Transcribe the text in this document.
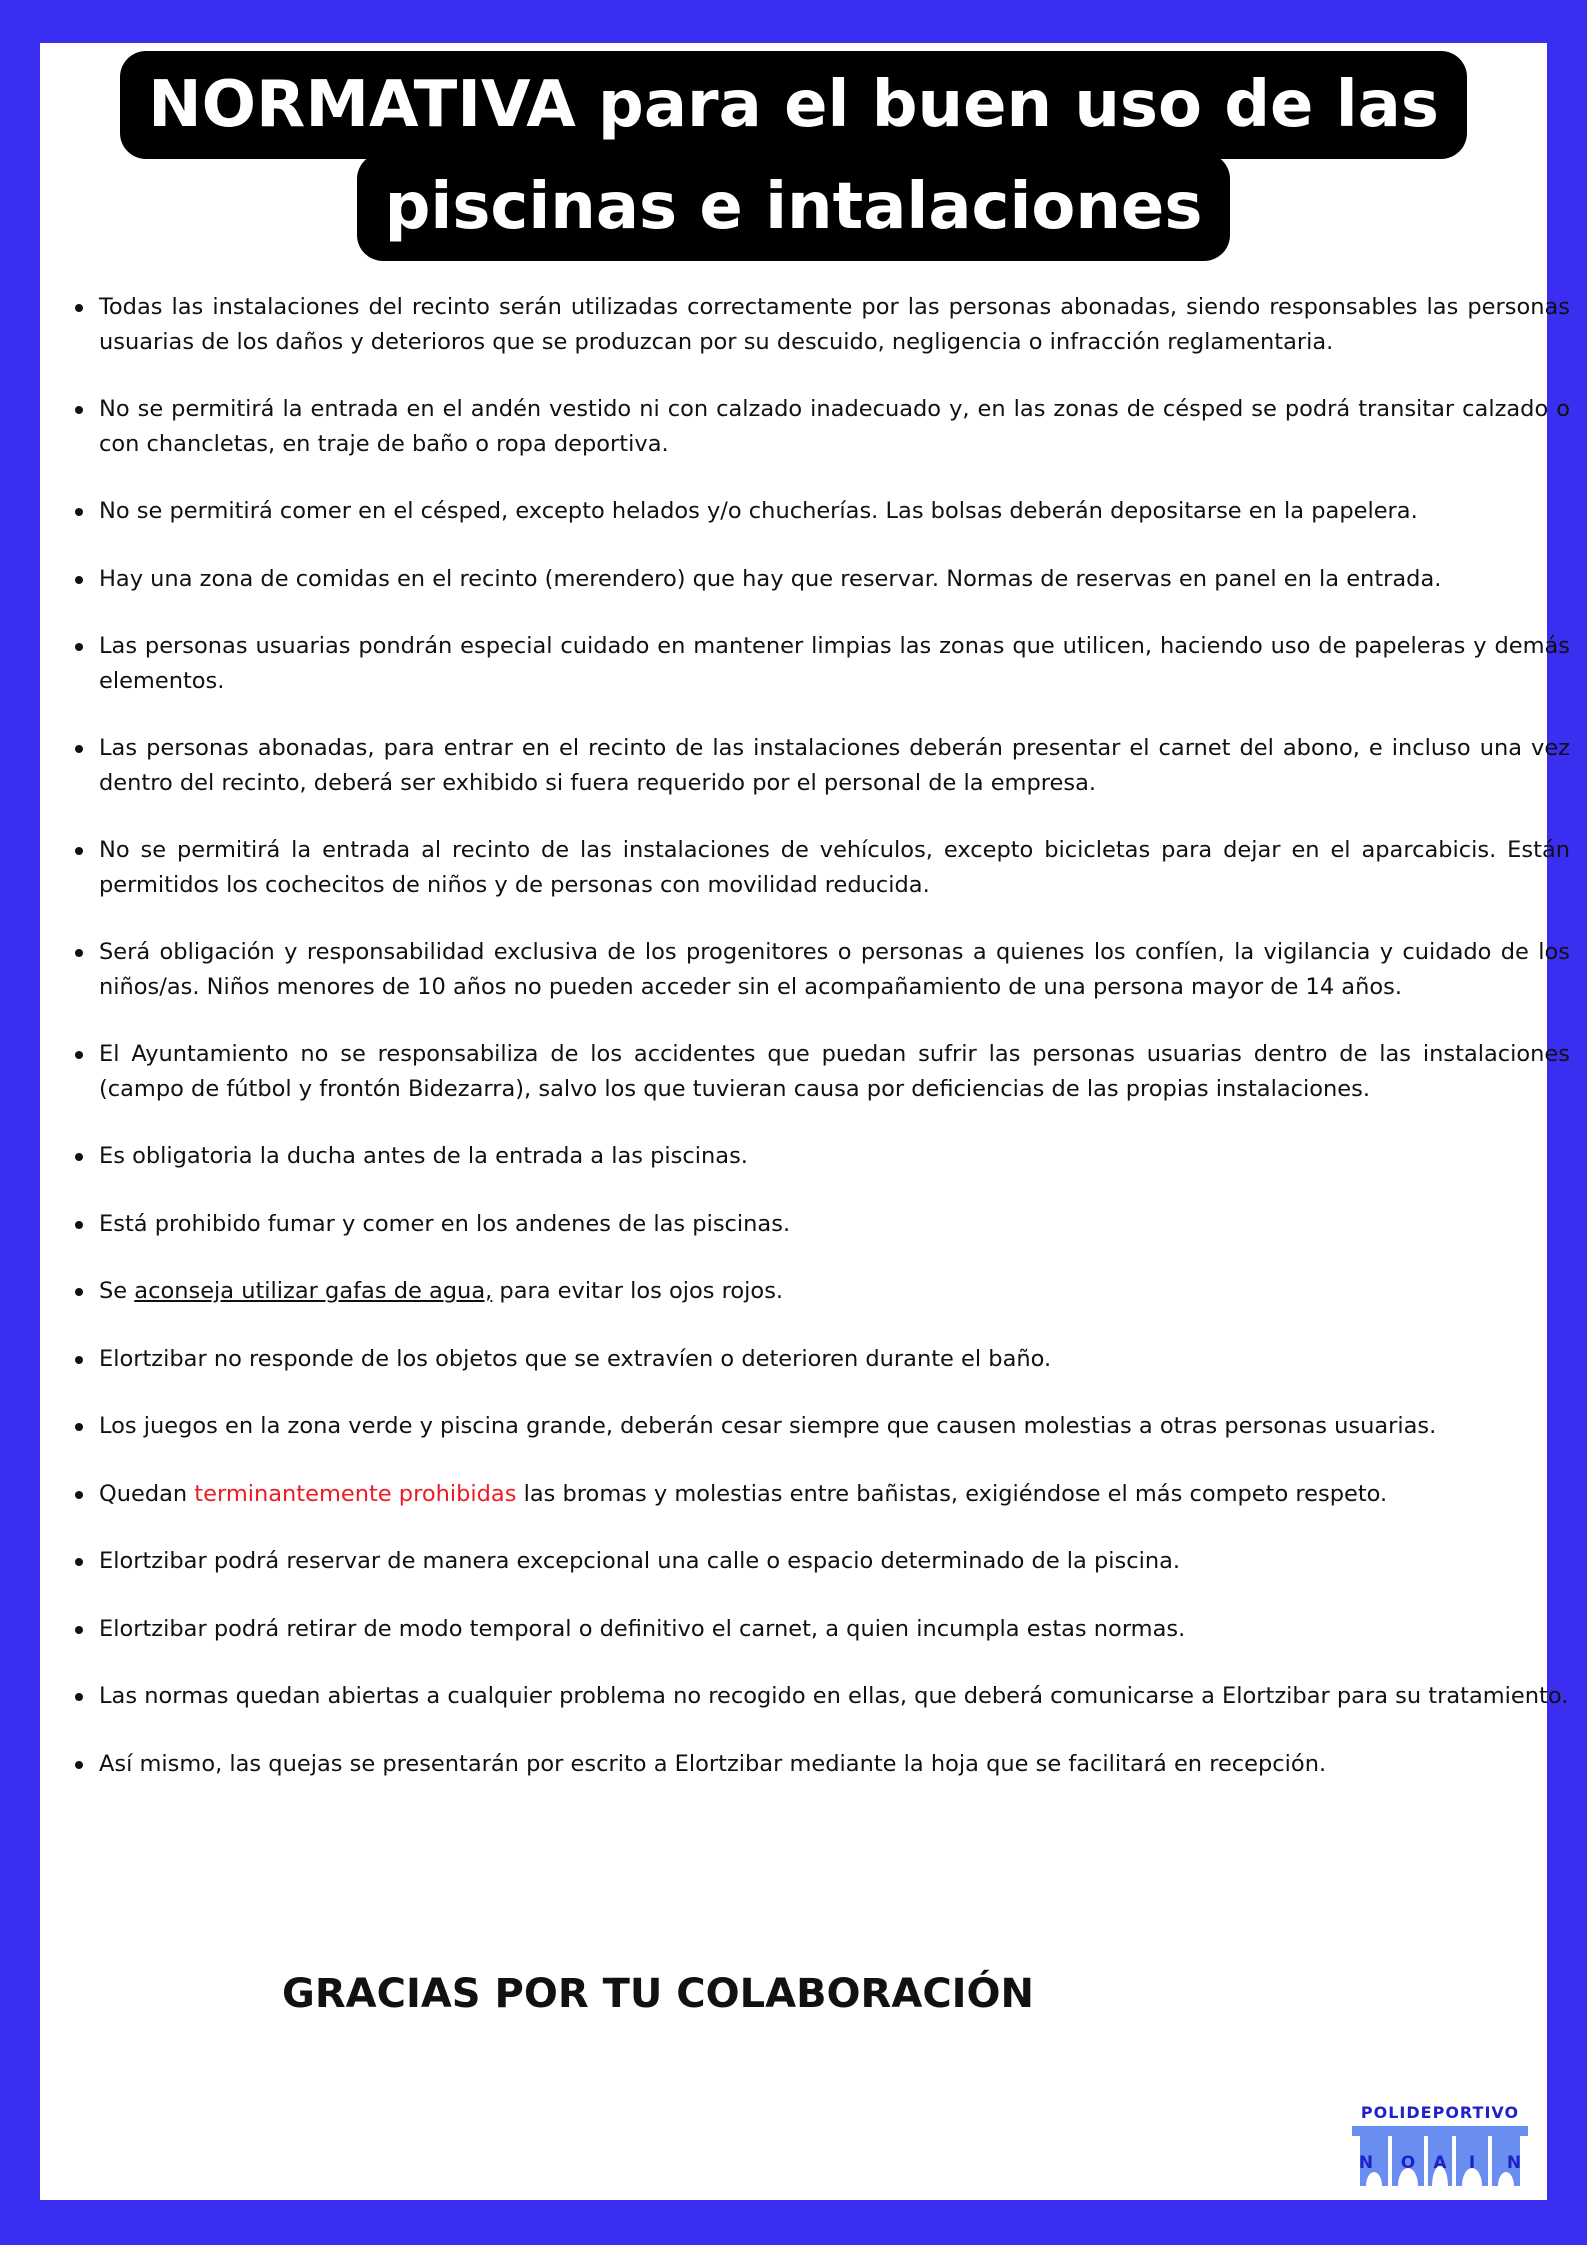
NORMATIVA para el buen uso de las
piscinas e intalaciones
Todas las instalaciones del recinto serán utilizadas correctamente por las personas abonadas, siendo responsables las personas usuarias de los daños y deterioros que se produzcan por su descuido, negligencia o infracción reglamentaria.
No se permitirá la entrada en el andén vestido ni con calzado inadecuado y, en las zonas de césped se podrá transitar calzado o con chancletas, en traje de baño o ropa deportiva.
No se permitirá comer en el césped, excepto helados y/o chucherías. Las bolsas deberán depositarse en la papelera.
Hay una zona de comidas en el recinto (merendero) que hay que reservar. Normas de reservas en panel en la entrada.
Las personas usuarias pondrán especial cuidado en mantener limpias las zonas que utilicen, haciendo uso de papeleras y demás elementos.
Las personas abonadas, para entrar en el recinto de las instalaciones deberán presentar el carnet del abono, e incluso una vez dentro del recinto, deberá ser exhibido si fuera requerido por el personal de la empresa.
No se permitirá la entrada al recinto de las instalaciones de vehículos, excepto bicicletas para dejar en el aparcabicis. Están permitidos los cochecitos de niños y de personas con movilidad reducida.
Será obligación y responsabilidad exclusiva de los progenitores o personas a quienes los confíen, la vigilancia y cuidado de los niños/as. Niños menores de 10 años no pueden acceder sin el acompañamiento de una persona mayor de 14 años.
El Ayuntamiento no se responsabiliza de los accidentes que puedan sufrir las personas usuarias dentro de las instalaciones (campo de fútbol y frontón Bidezarra), salvo los que tuvieran causa por deficiencias de las propias instalaciones.
Es obligatoria la ducha antes de la entrada a las piscinas.
Está prohibido fumar y comer en los andenes de las piscinas.
Se aconseja utilizar gafas de agua, para evitar los ojos rojos.
Elortzibar no responde de los objetos que se extravíen o deterioren durante el baño.
Los juegos en la zona verde y piscina grande, deberán cesar siempre que causen molestias a otras personas usuarias.
Quedan terminantemente prohibidas las bromas y molestias entre bañistas, exigiéndose el más competo respeto.
Elortzibar podrá reservar de manera excepcional una calle o espacio determinado de la piscina.
Elortzibar podrá retirar de modo temporal o definitivo el carnet, a quien incumpla estas normas.
Las normas quedan abiertas a cualquier problema no recogido en ellas, que deberá comunicarse a Elortzibar para su tratamiento.
Así mismo, las quejas se presentarán por escrito a Elortzibar mediante la hoja que se facilitará en recepción.
GRACIAS POR TU COLABORACIÓN
POLIDEPORTIVO
N O A I N
